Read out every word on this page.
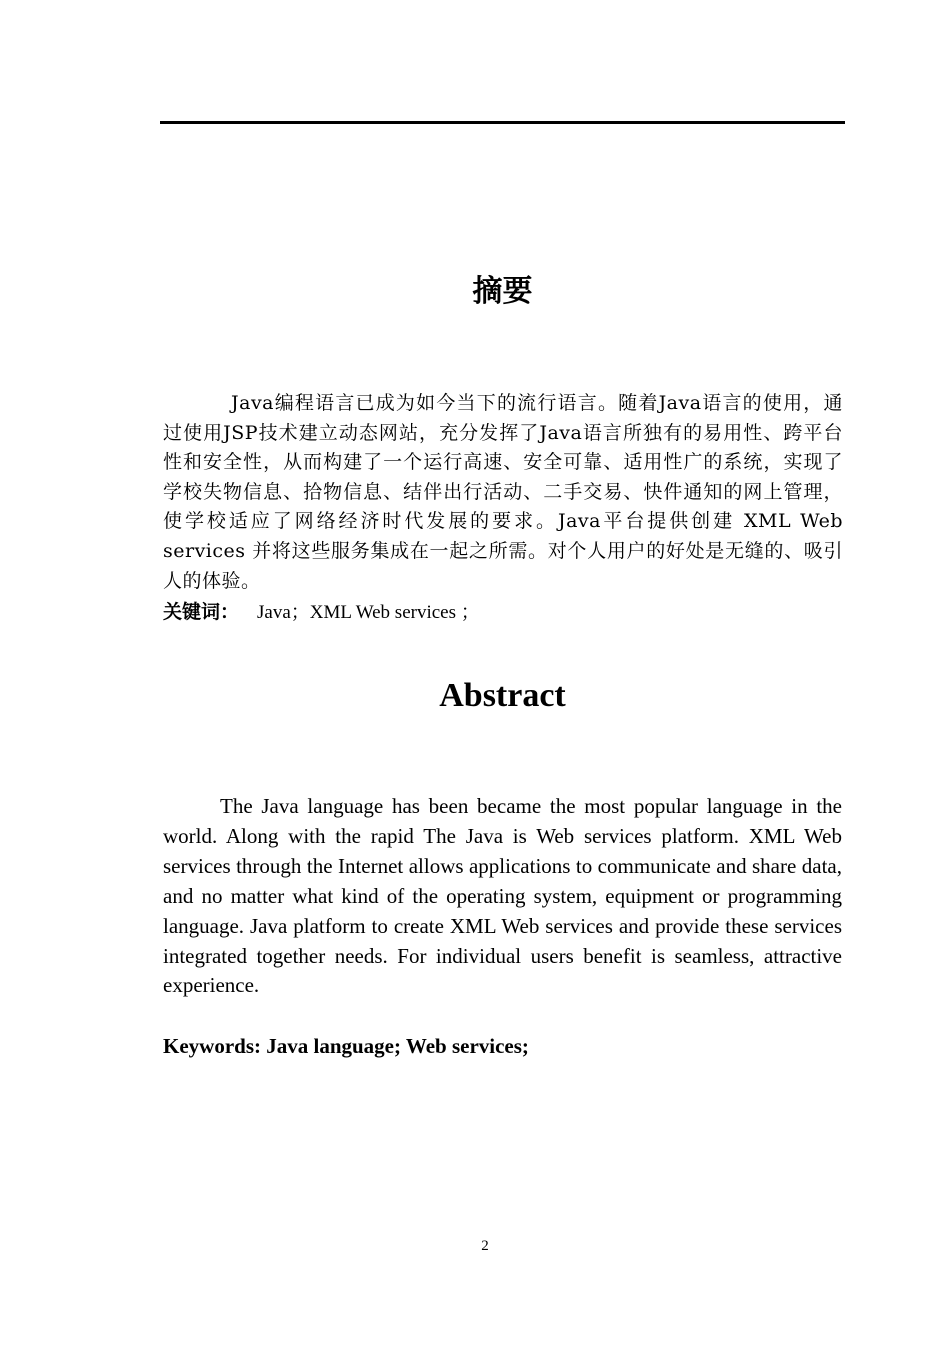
摘要

Java编程语言已成为如今当下的流行语言。随着Java语言的使用，通过使用JSP技术建立动态网站，充分发挥了Java语言所独有的易用性、跨平台性和安全性，从而构建了一个运行高速、安全可靠、适用性广的系统，实现了学校失物信息、拾物信息、结伴出行活动、二手交易、快件通知的网上管理，使学校适应了网络经济时代发展的要求。Java平台提供创建 XML Web services 并将这些服务集成在一起之所需。对个人用户的好处是无缝的、吸引人的体验。

关键词： Java；XML Web services ；
Abstract

The Java language has been became the most popular language in the world. Along with the rapid The Java is Web services platform. XML Web services through the Internet allows applications to communicate and share data, and no matter what kind of the operating system, equipment or programming language. Java platform to create XML Web services and provide these services integrated together needs. For individual users benefit is seamless, attractive experience.

Keywords: Java language; Web services;
2
